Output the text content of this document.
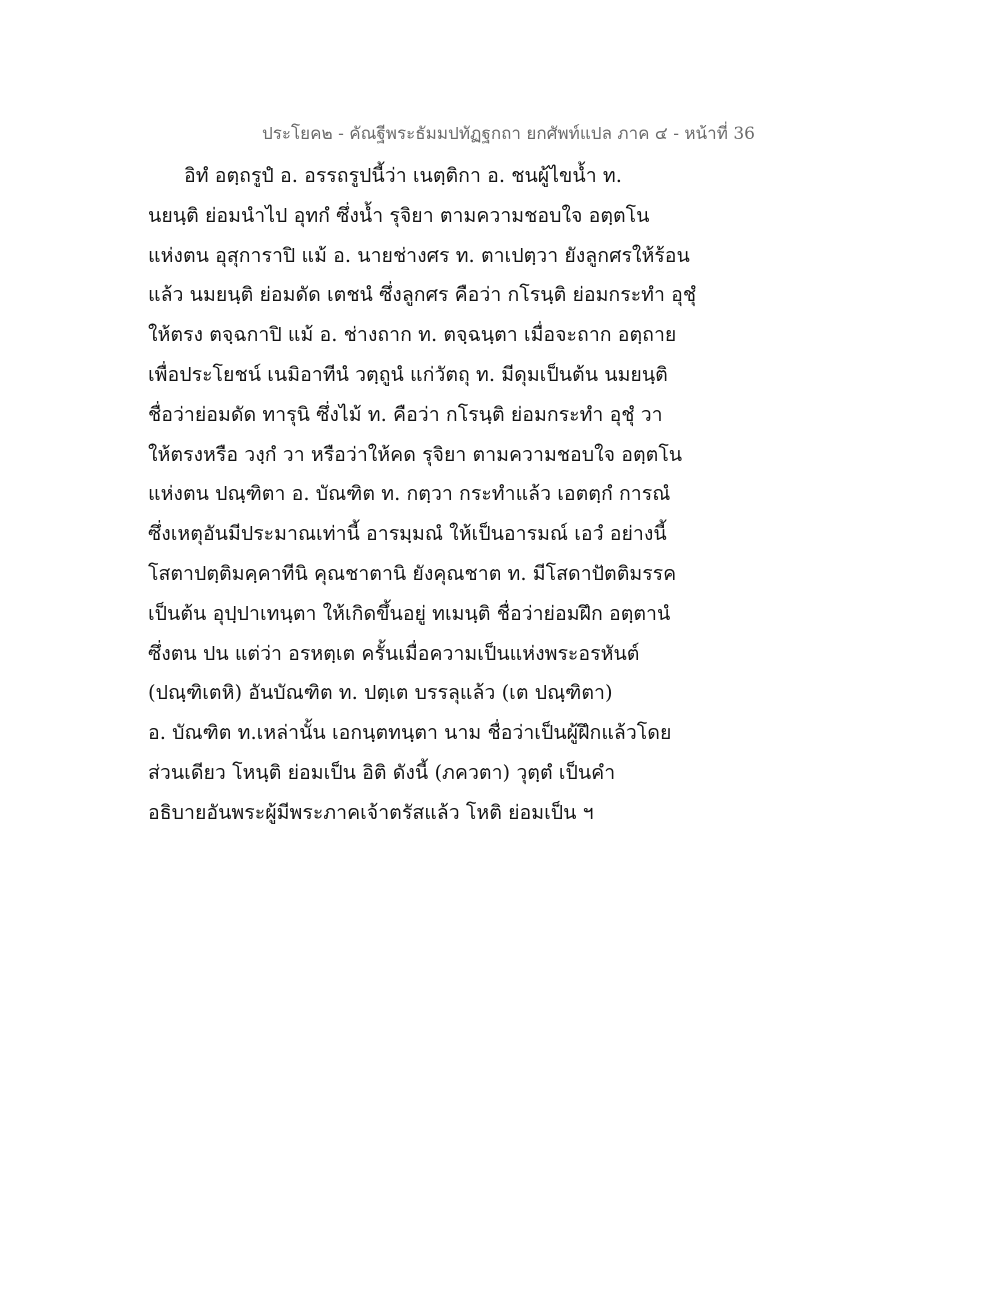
ประโยค๒ - คัณฐีพระธัมมปทัฏฐกถา ยกศัพท์แปล ภาค ๔ - หน้าที่ 36
อิทํ อตฺถรูปํ อ. อรรถรูปนี้ว่า เนตฺติกา อ. ชนผู้ไขน้ำ ท.
นยนฺติ ย่อมนำไป อุทกํ ซึ่งน้ำ รุจิยา ตามความชอบใจ อตฺตโน
แห่งตน อุสุการาปิ แม้ อ. นายช่างศร ท. ตาเปตฺวา ยังลูกศรให้ร้อน
แล้ว นมยนฺติ ย่อมดัด เตชนํ ซึ่งลูกศร คือว่า กโรนฺติ ย่อมกระทำ อุชุํ
ให้ตรง ตจฺฉกาปิ แม้ อ. ช่างถาก ท. ตจฺฉนฺตา เมื่อจะถาก อตฺถาย
เพื่อประโยชน์ เนมิอาทีนํ วตฺถูนํ แก่วัตถุ ท. มีดุมเป็นต้น นมยนฺติ
ชื่อว่าย่อมดัด ทารุนิ ซึ่งไม้ ท. คือว่า กโรนฺติ ย่อมกระทำ อุชุํ วา
ให้ตรงหรือ วงฺกํ วา หรือว่าให้คด รุจิยา ตามความชอบใจ อตฺตโน
แห่งตน ปณฺฑิตา อ. บัณฑิต ท. กตฺวา กระทำแล้ว เอตตฺกํ การณํ
ซึ่งเหตุอันมีประมาณเท่านี้ อารมฺมณํ ให้เป็นอารมณ์ เอวํ อย่างนี้
โสตาปตฺติมคฺคาทีนิ คุณชาตานิ ยังคุณชาต ท. มีโสดาปัตติมรรค
เป็นต้น อุปฺปาเทนฺตา ให้เกิดขึ้นอยู่ ทเมนฺติ ชื่อว่าย่อมฝึก อตฺตานํ
ซึ่งตน ปน แต่ว่า อรหตฺเต ครั้นเมื่อความเป็นแห่งพระอรหันต์
(ปณฺฑิเตหิ) อันบัณฑิต ท. ปตฺเต บรรลุแล้ว (เต ปณฺฑิตา)
อ. บัณฑิต ท.เหล่านั้น เอกนฺตทนฺตา นาม ชื่อว่าเป็นผู้ฝึกแล้วโดย
ส่วนเดียว โหนฺติ ย่อมเป็น อิติ ดังนี้ (ภควตา) วุตฺตํ เป็นคำ
อธิบายอันพระผู้มีพระภาคเจ้าตรัสแล้ว โหติ ย่อมเป็น ฯ
